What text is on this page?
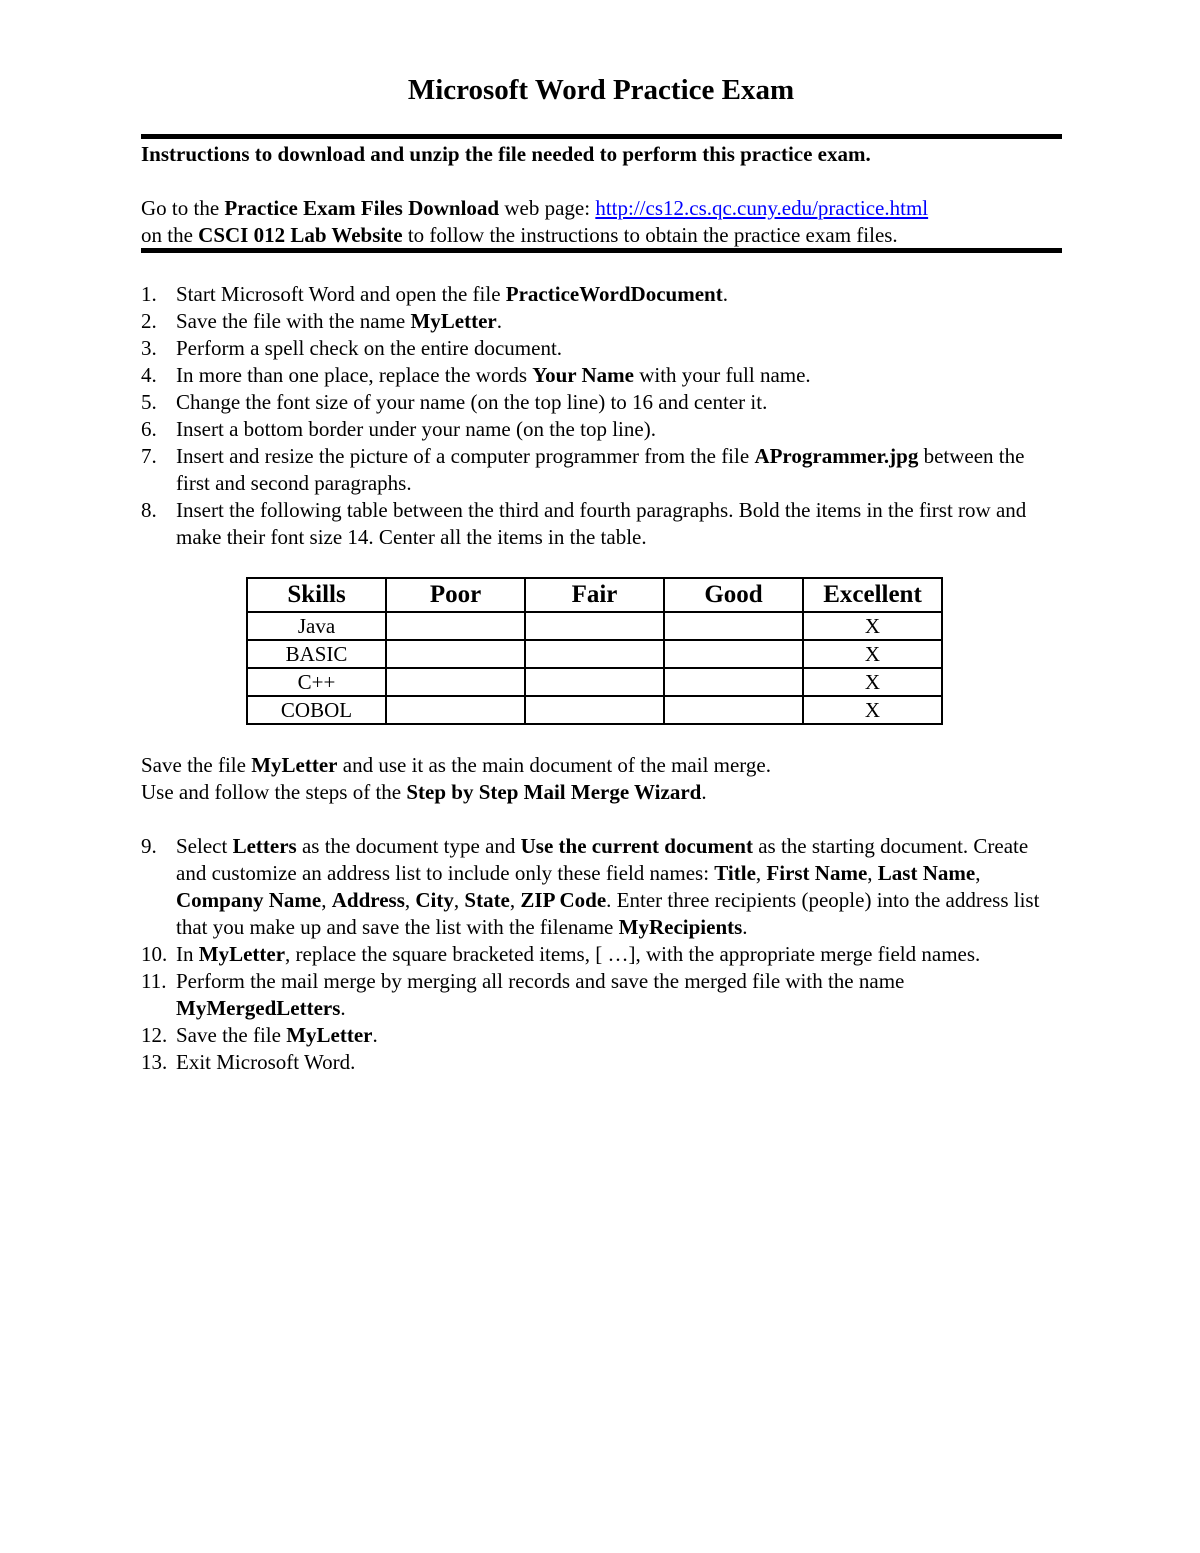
Microsoft Word Practice Exam
Instructions to download and unzip the file needed to perform this practice exam.
Go to the Practice Exam Files Download web page: http://cs12.cs.qc.cuny.edu/practice.html
on the CSCI 012 Lab Website to follow the instructions to obtain the practice exam files.
1. Start Microsoft Word and open the file PracticeWordDocument.
2. Save the file with the name MyLetter.
3. Perform a spell check on the entire document.
4. In more than one place, replace the words Your Name with your full name.
5. Change the font size of your name (on the top line) to 16 and center it.
6. Insert a bottom border under your name (on the top line).
7. Insert and resize the picture of a computer programmer from the file AProgrammer.jpg between the first and second paragraphs.
8. Insert the following table between the third and fourth paragraphs. Bold the items in the first row and make their font size 14. Center all the items in the table.
Skills	Poor	Fair	Good	Excellent
Java				X
BASIC				X
C++				X
COBOL				X

Save the file MyLetter and use it as the main document of the mail merge.

Use and follow the steps of the Step by Step Mail Merge Wizard.

9. Select Letters as the document type and Use the current document as the starting document. Create and customize an address list to include only these field names: Title, First Name, Last Name, Company Name, Address, City, State, ZIP Code. Enter three recipients (people) into the address list that you make up and save the list with the filename MyRecipients.
10. In MyLetter, replace the square bracketed items, [ …], with the appropriate merge field names.
11. Perform the mail merge by merging all records and save the merged file with the name MyMergedLetters.
12. Save the file MyLetter.
13. Exit Microsoft Word.
